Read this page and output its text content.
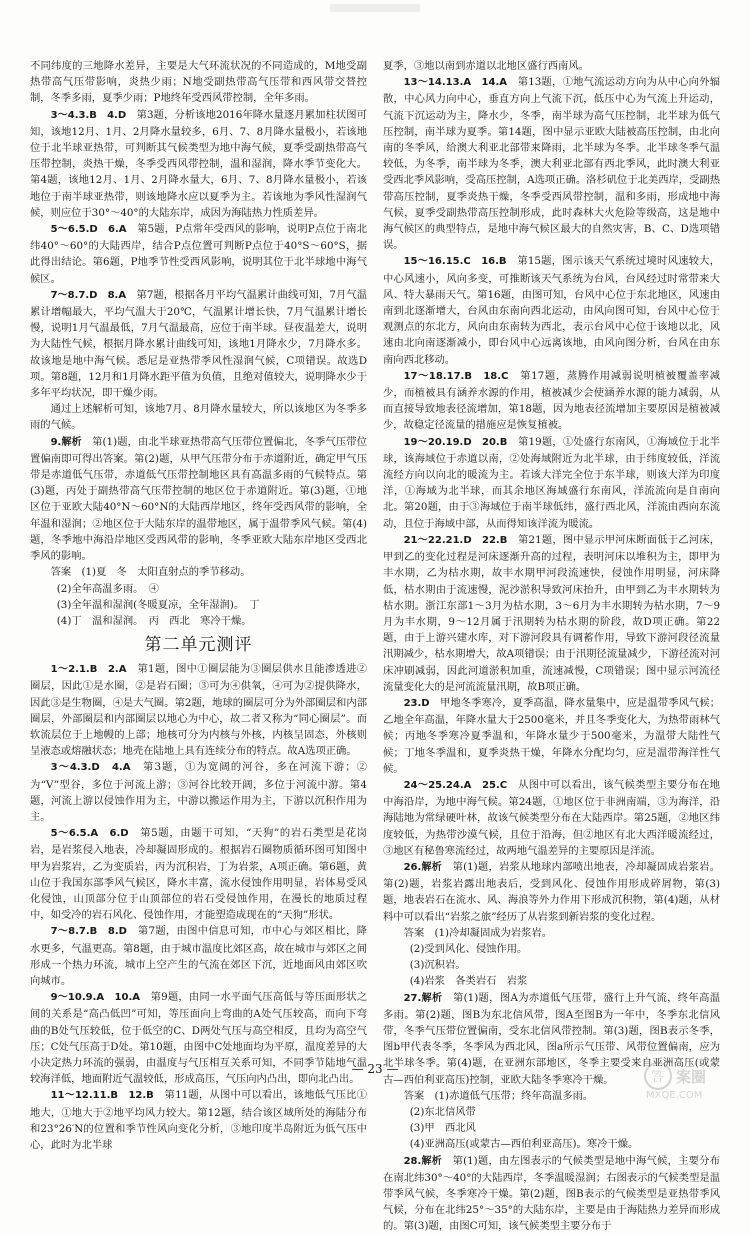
不同纬度的三地降水差异，主要是大气环流状况的不同造成的，M地受副热带高气压带影响，炎热少雨；N地受副热带高气压带和西风带交替控制，冬季多雨，夏季少雨；P地终年受西风带控制，全年多雨。

3～4.3.B　4.D　 第3题，分析该地2016年降水量逐月累加柱状图可知，该地12月、1月、2月降水量较多，6月、7、8月降水量极小，若该地位于北半球亚热带，可判断其气候类型为地中海气候，夏季受副热带高气压带控制，炎热干燥，冬季受西风带控制，温和湿润，降水季节变化大。第4题，该地12月、1月、2月降水量大，6月、7、8月降水量极小，若该地位于南半球亚热带，则该地降水应以夏季为主。若该地为季风性湿润气候，则应位于30°～40°的大陆东岸，成因为海陆热力性质差异。

5～6.5.D　6.A　 第5题，P点常年受西风的影响，说明P点位于南北纬40°～60°的大陆西岸，结合P点位置可判断P点位于40°S～60°S，据此得出结论。第6题，P地季节性受西风影响，说明其位于北半球地中海气候区。

7～8.7.D　8.A　 第7题，根据各月平均气温累计曲线可知，7月气温累计增幅最大，平均气温大于20℃，气温累计增长快，7月气温累计增长慢，说明1月气温最低，7月气温最高，应位于南半球。昼夜温差大，说明为大陆性气候，根据月降水累计曲线可知，该地1月降水少，7月降水多。故该地是地中海气候。悉尼是亚热带季风性湿润气候，C项错误。故选D项。第8题，12月和1月降水距平值为负值，且绝对值较大，说明降水少于多年平均状况，即干燥少雨。

通过上述解析可知，该地7月、8月降水量较大，所以该地区为冬季多雨的气候。

9.解析　 第(1)题，由北半球亚热带高气压带位置偏北，冬季气压带位置偏南即可得出答案。第(2)题，从甲气压带分布于赤道附近，确定甲气压带是赤道低气压带，赤道低气压带控制地区具有高温多雨的气候特点。第(3)题，丙处于副热带高气压带控制的地区位于赤道附近。第(3)题，①地区位于亚欧大陆40°N～60°N的大陆西岸地区，终年受西风带的影响，全年温和湿润；②地区位于大陆东岸的温带地区，属于温带季风气候。第(4)题，冬季地中海沿岸地区受西风带的影响，冬季亚欧大陆东岸地区受西北季风的影响。

答案　(1)夏　冬　太阳直射点的季节移动。

(2)全年高温多雨。　④

(3)全年温和湿润(冬暖夏凉，全年湿润)。　丁

(4)丁　温和湿润。　丙　西北　寒冷干燥。

第二单元测评

1～2.1.B　2.A　 第1题，图中①圈层能为③圈层供水且能渗透进②圈层，因此①是水圈，②是岩石圈；③可为④供氧，④可为②提供降水，因此③是生物圈，④是大气圈。第2题，地球的圈层可分为外部圈层和内部圈层，外部圈层和内部圈层以地心为中心，故二者又称为“同心圈层”。而软流层位于上地幔的上部；地核可分为内核与外核，内核呈固态，外核则呈液态或熔融状态；地壳在陆地上具有连续分布的特点。故A选项正确。

3～4.3.D　4.A　 第3题，①为宽阔的河谷，多在河流下游；②为“V”型谷，多位于河流上游；③河谷比较开阔，多位于河流中游。第4题，河流上游以侵蚀作用为主，中游以搬运作用为主，下游以沉积作用为主。

5～6.5.A　6.D　 第5题，由题干可知，“天狗”的岩石类型是花岗岩，是岩浆侵入地表，冷却凝固形成的。根据岩石圈物质循环图可知图中甲为岩浆岩，乙为变质岩，丙为沉积岩，丁为岩浆，A项正确。第6题，黄山位于我国东部季风气候区，降水丰富，流水侵蚀作用明显，岩体易受风化侵蚀，山顶部分位于山顶部位的岩石受侵蚀作用，在漫长的地质过程中，如受冷的岩石风化、侵蚀作用，才能塑造成现在的“天狗”形状。

7～8.7.B　8.D　 第7题，由图中信息可知，市中心与郊区相比，降水更多，气温更高。第8题，由于城市温度比郊区高，故在城市与郊区之间形成一个热力环流，城市上空产生的气流在郊区下沉，近地面风由郊区吹向城市。

9～10.9.A　10.A　 第9题，由同一水平面气压高低与等压面形状之间的关系是“高凸低凹”可知，等压面向上弯曲的A处气压较高，而向下弯曲的B处气压较低，位于低空的C、D两处气压与高空相反，且均为高空气压；C处气压高于D处。第10题，由图中C处地面均为平原，温度差异的大小决定热力环流的强弱，由温度与气压相互关系可知，不同季节陆地气温较海洋低，地面附近气温较低，形成高压，气压向内凸出，即向北凸出。

11～12.11.B　12.B　 第11题，从图中可以看出，该地低气压比①地大，①地大于②地平均风力较大。第12题，结合该区域所处的海陆分布和23°26′N的位置和季节性风向变化分析，③地印度半岛附近为低气压中心，此时为北半球

夏季，③地以南到赤道以北地区盛行西南风。

13～14.13.A　14.A　 第13题，①地气流运动方向为从中心向外辐散，中心风力向中心，垂直方向上气流下沉，低压中心为气流上升运动，气流下沉运动为主，降水少，冬季，南半球为高气压控制，北半球为低气压控制，南半球为夏季。第14题，图中显示亚欧大陆被高压控制，由北向南的冬季风，给澳大利亚北部带来降雨，北半球为冬季。北半球冬季气温较低，为冬季，南半球为冬季，澳大利亚北部有西北季风，此时澳大利亚受西北季风影响，受高压控制，A选项正确。洛杉矶位于北美西岸，受副热带高压控制，夏季炎热干燥，冬季受西风带控制，温和多雨，形成地中海气候，夏季受副热带高压控制形成，此时森林大火危险等级高，这是地中海气候区的典型特点，是地中海气候区最大的自然灾害，B、C、D选项错误。

15～16.15.C　16.B　 第15题，图示该天气系统过境时风速较大，中心风速小，风向多变，可推断该天气系统为台风，台风经过时常带来大风、特大暴雨天气。第16题，由图可知，台风中心位于东北地区，风速由南到北逐渐增大，台风由东南向西北运动，由风向图可知，台风中心位于观测点的东北方，风向由东南转为西北，表示台风中心位于该地以北，风速由北向南逐渐减小，即台风中心远离该地，由风向图分析，台风在由东南向西北移动。

17～18.17.B　18.C　 第17题，蒸腾作用减弱说明植被覆盖率减少，而植被具有涵养水源的作用，植被减少会使涵养水源的能力减弱，从而直接导致地表径流增加，第18题，因为地表径流增加主要原因是植被减少，故稳定径流量的措施应是恢复植被。

19～20.19.D　20.B　 第19题，①处盛行东南风，①海域位于北半球，该海域位于赤道以南，②处海域附近为北半球，由于纬度较低，洋流流经方向以向北的暖流为主。若该大洋完全位于东半球，则该大洋为印度洋，①海域为北半球，而其余地区海域盛行东南风，洋流流向是自南向北。第20题，由于③海域位于南半球低纬，盛行西北风，洋流由西向东流动，且位于海域中部，从而得知该洋流为暖流。

21～22.21.D　22.B　 第21题，图中显示甲河床断面低于乙河床，甲到乙的变化过程是河床逐渐升高的过程，表明河床以堆积为主，即甲为丰水期，乙为枯水期，故丰水期甲河段流速快，侵蚀作用明显，河床降低，枯水期由于流速慢，泥沙淤积导致河床抬升，由甲到乙为丰水期转为枯水期。浙江东部1～3月为枯水期，3～6月为丰水期转为枯水期，7～9月为丰水期，9～12月属于汛期转为枯水期的阶段，故D项正确。第22题，由于上游兴建水库，对下游河段具有调蓄作用，导致下游河段径流量汛期减少，枯水期增大，故A项错误；由于汛期径流量减少，下游径流对河床冲刷减弱，因此河道淤积加重，流速减慢，C项错误；图中显示河流径流量变化大的是河流流量汛期，故B项正确。

23.D　 甲地冬季寒冷，夏季高温，降水量集中，应是温带季风气候；乙地全年高温，年降水量大于2500毫米，并且冬季变化大，为热带雨林气候；丙地冬季寒冷夏季温和，年降水量少于500毫米，为温带大陆性气候；丁地冬季温和，夏季炎热干燥，年降水分配均匀，应是温带海洋性气候。

24～25.24.A　25.C　 从图中可以看出，该气候类型主要分布在地中海沿岸，为地中海气候。第24题，①地区位于非洲南端，③为海洋，沿海陆地为常绿硬叶林，故该气候类型分布在大陆西岸。第25题，②地区纬度较低，为热带沙漠气候，且位于沿海，但②地区有北大西洋暖流经过，③地区有秘鲁寒流经过，故两地气温差异的主要原因是洋流。

26.解析　 第(1)题，岩浆从地球内部喷出地表，冷却凝固成岩浆岩。第(2)题，岩浆岩露出地表后，受到风化、侵蚀作用形成碎屑物，第(3)题，地表岩石在流水、风、海浪等外力作用下形成沉积物，第(4)题，从材料中可以看出“岩浆之旅”经历了从岩浆到新岩浆的变化过程。

答案　(1)冷却凝固成为岩浆岩。

(2)受到风化、侵蚀作用。

(3)沉积岩。

(4)岩浆　各类岩石　岩浆

27.解析　 第(1)题，图A为赤道低气压带，盛行上升气流，终年高温多雨。第(2)题，图B为东北信风带，图A至图B为一年中，冬季东北信风带，冬季气压带位置偏南，受东北信风带控制。第(3)题，图B表示冬季，图b甲代表冬季，冬季风为西北风，图a所示气压带、风带位置偏南，应为北半球冬季。第(4)题，在亚洲东部地区，冬季主要受来自亚洲高压(或蒙古—西伯利亚高压)控制，亚欧大陆冬季寒冷干燥。

答案　(1)赤道低气压带；终年高温多雨。

(2)东北信风带

(3)甲　西北风

(4)亚洲高压(或蒙古—西伯利亚高压)。寒冷干燥。

28.解析　 第(1)题，由左图表示的气候类型是地中海气候，主要分布在南北纬30°～40°的大陆西岸，冬季温暖湿润；右图表示的气候类型是温带季风气候，冬季寒冷干燥。第(2)题，图B表示的气候类型是亚热带季风气候，分布在北纬25°～35°的大陆东岸，主要是由于海陆热力差异而形成的。第(3)题，由图C可知，该气候类型主要分布于

— 23 —
答 案圈
MXQE.COM
